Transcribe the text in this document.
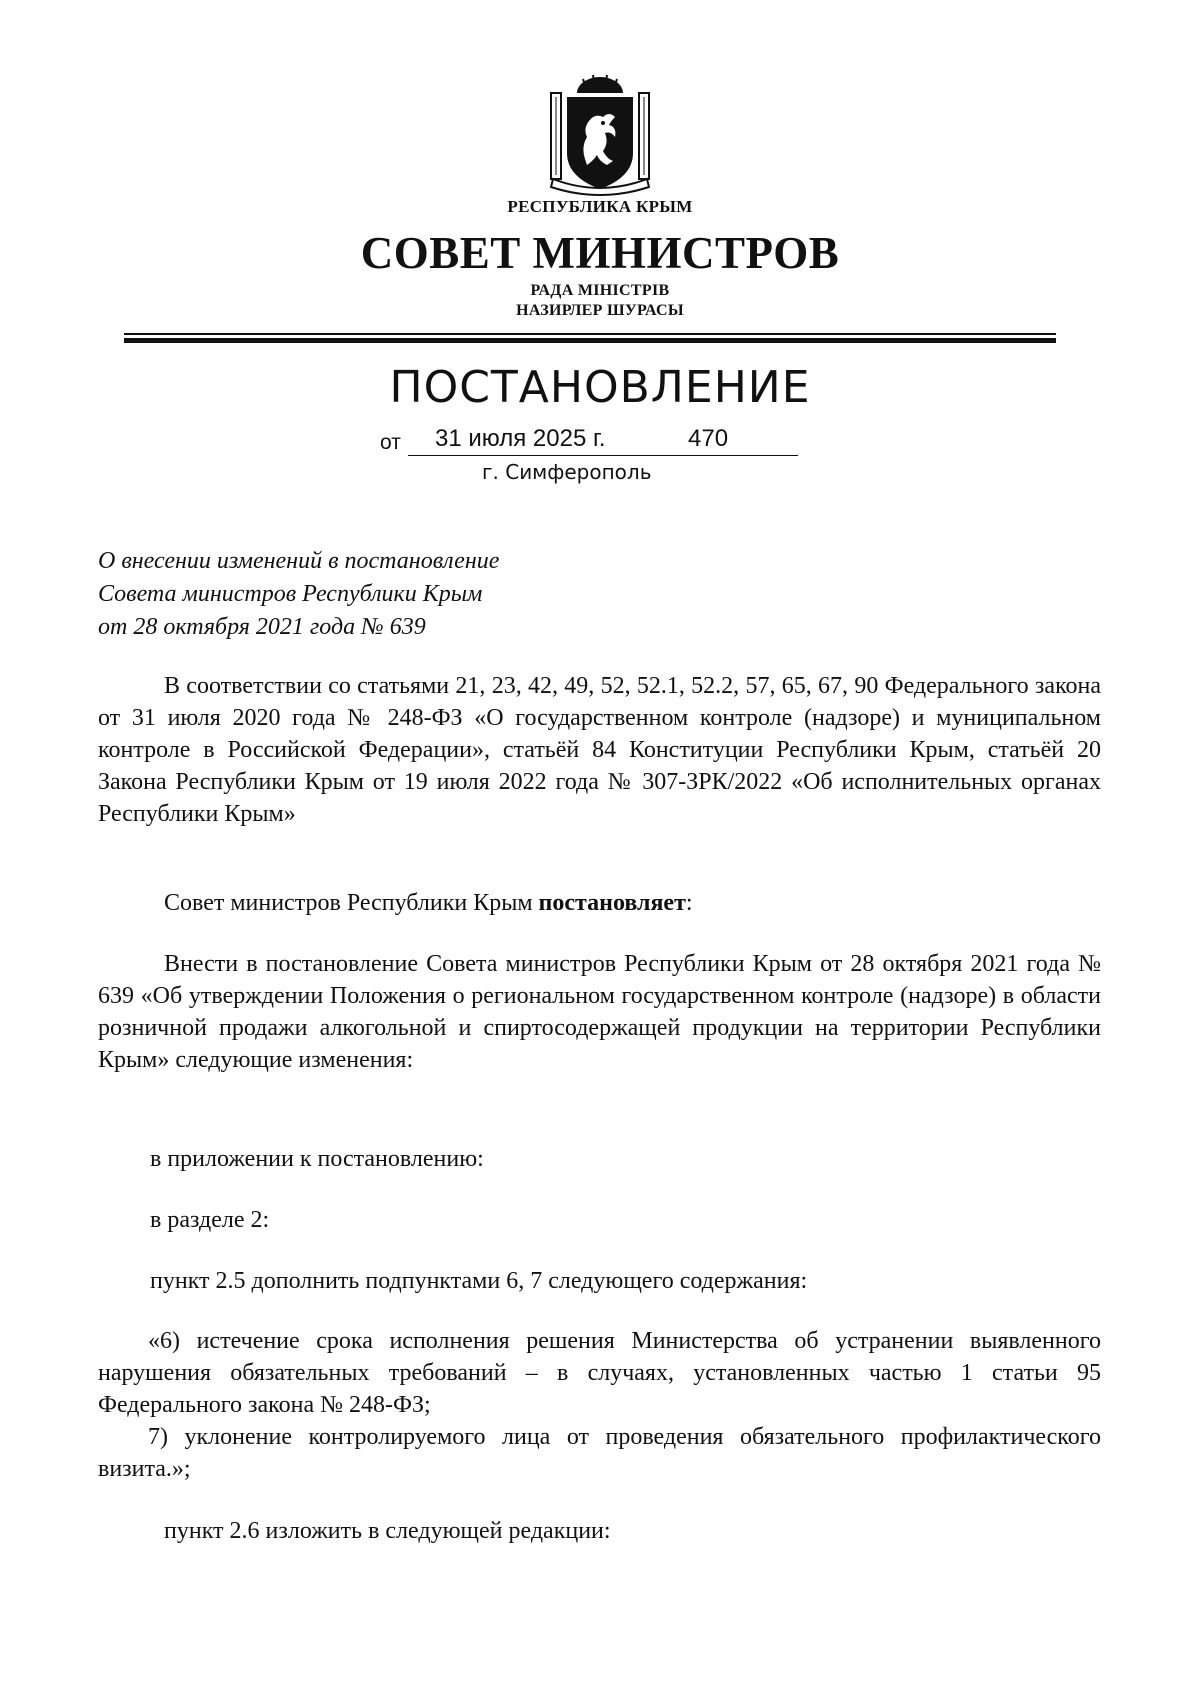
РЕСПУБЛИКА КРЫМ
СОВЕТ МИНИСТРОВ
РАДА МІНІСТРІВ
НАЗИРЛЕР ШУРАСЫ
ПОСТАНОВЛЕНИЕ
от 31 июля 2025 г.	470
г. Симферополь
О внесении изменений в постановление
Совета министров Республики Крым
от 28 октября 2021 года № 639
В соответствии со статьями 21, 23, 42, 49, 52, 52.1, 52.2, 57, 65, 67, 90 Федерального закона от 31 июля 2020 года № 248-ФЗ «О государственном контроле (надзоре) и муниципальном контроле в Российской Федерации», статьёй 84 Конституции Республики Крым, статьёй 20 Закона Республики Крым от 19 июля 2022 года № 307-ЗРК/2022 «Об исполнительных органах Республики Крым»
Совет министров Республики Крым постановляет:
Внести в постановление Совета министров Республики Крым от 28 октября 2021 года № 639 «Об утверждении Положения о региональном государственном контроле (надзоре) в области розничной продажи алкогольной и спиртосодержащей продукции на территории Республики Крым» следующие изменения:
в приложении к постановлению:
в разделе 2:
пункт 2.5 дополнить подпунктами 6, 7 следующего содержания:
«6) истечение срока исполнения решения Министерства об устранении выявленного нарушения обязательных требований – в случаях, установленных частью 1 статьи 95 Федерального закона № 248-ФЗ;
7) уклонение контролируемого лица от проведения обязательного профилактического визита.»;
пункт 2.6 изложить в следующей редакции:
